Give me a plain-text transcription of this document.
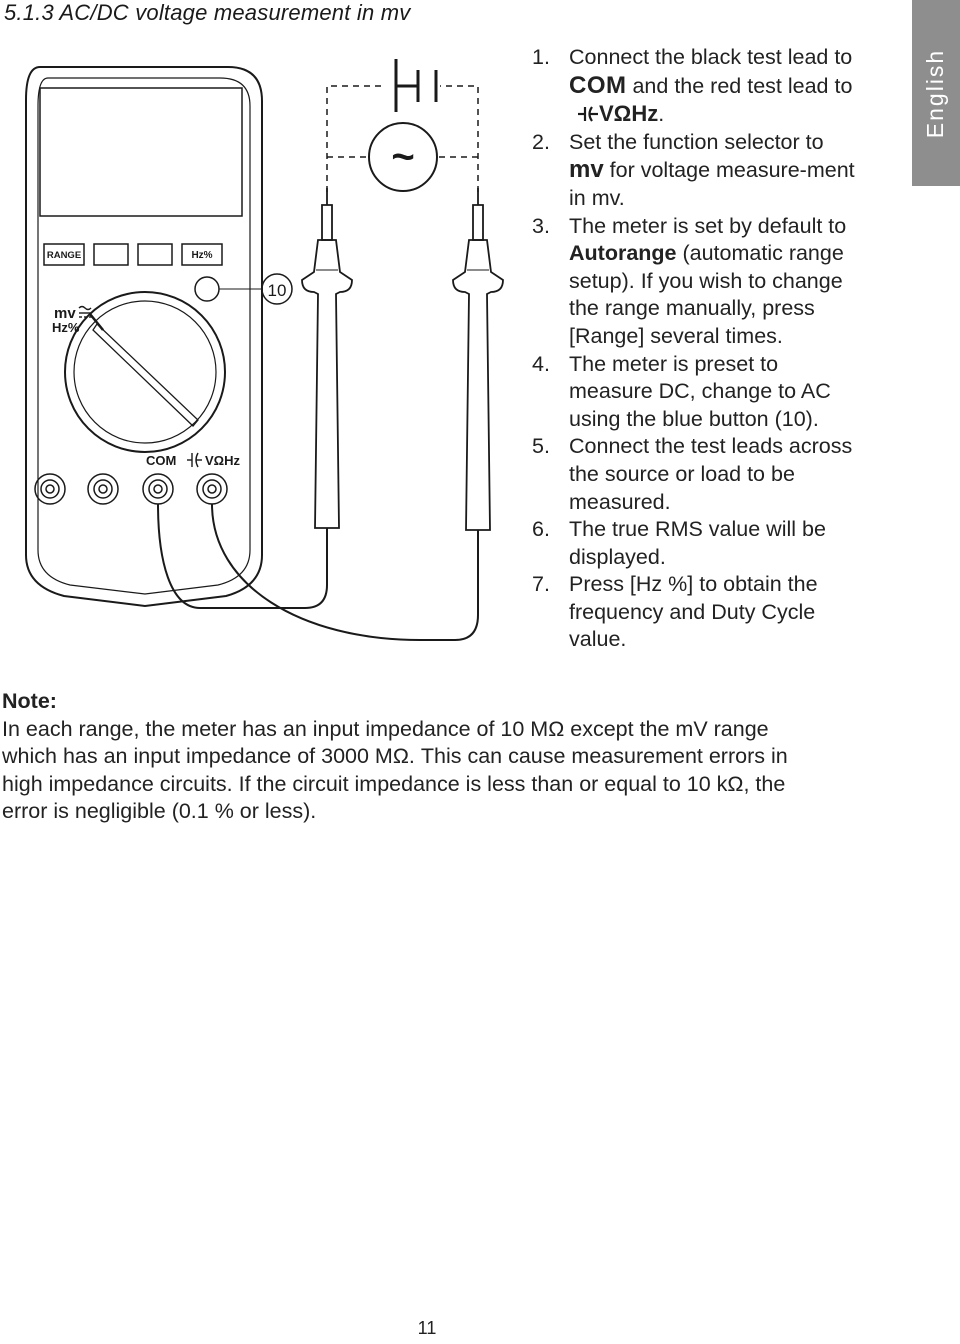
5.1.3 AC/DC voltage measurement in mv
English
~
RANGE	Hz%
10
mv
Hz%
COM VΩHz
1. Connect the black test lead to COM and the red test lead to VΩHz.
2. Set the function selector to mv for voltage measure-ment in mv.
3. The meter is set by default to Autorange (automatic range setup). If you wish to change the range manually, press [Range] several times.
4. The meter is preset to measure DC, change to AC using the blue button (10).
5. Connect the test leads across the source or load to be measured.
6. The true RMS value will be displayed.
7. Press [Hz %] to obtain the frequency and Duty Cycle value.
Note:
In each range, the meter has an input impedance of 10 MΩ except the mV range which has an input impedance of 3000 MΩ. This can cause measurement errors in high impedance circuits. If the circuit impedance is less than or equal to 10 kΩ, the error is negligible (0.1 % or less).
11
